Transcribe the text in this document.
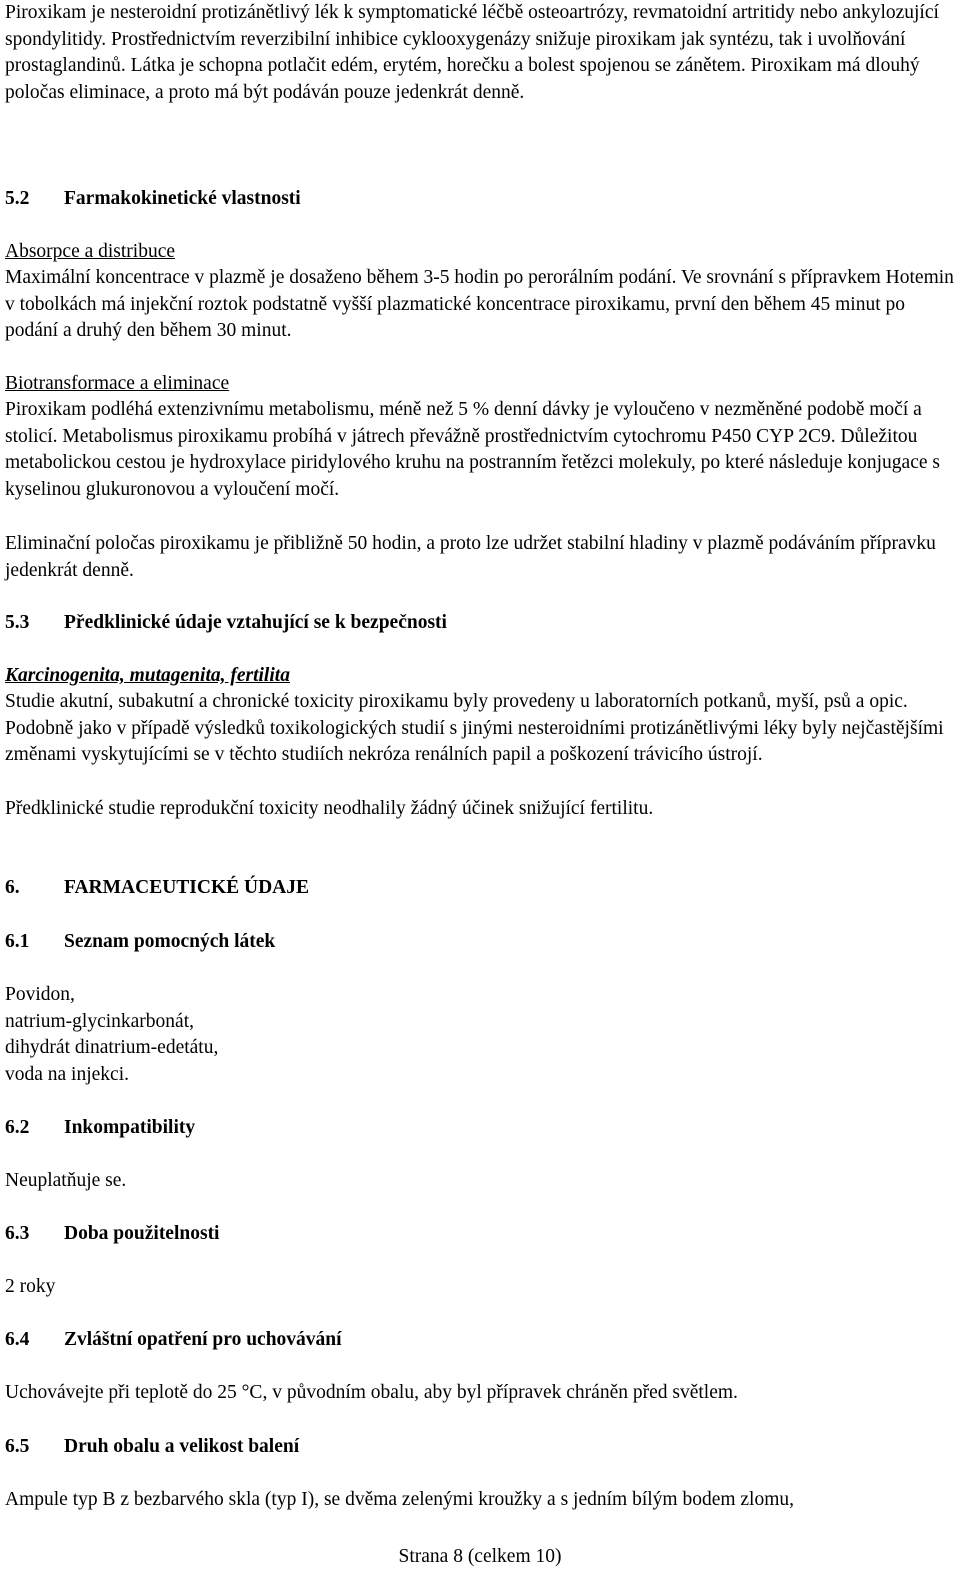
Piroxikam je nesteroidní protizánětlivý lék k symptomatické léčbě osteoartrózy, revmatoidní artritidy nebo ankylozující spondylitidy. Prostřednictvím reverzibilní inhibice cyklooxygenázy snižuje piroxikam jak syntézu, tak i uvolňování prostaglandinů. Látka je schopna potlačit edém, erytém, horečku a bolest spojenou se zánětem. Piroxikam má dlouhý poločas eliminace, a proto má být podáván pouze jedenkrát denně.

5.2 Farmakokinetické vlastnosti

Absorpce a distribuce

Maximální koncentrace v plazmě je dosaženo během 3-5 hodin po perorálním podání. Ve srovnání s přípravkem Hotemin v tobolkách má injekční roztok podstatně vyšší plazmatické koncentrace piroxikamu, první den během 45 minut po podání a druhý den během 30 minut.

Biotransformace a eliminace

Piroxikam podléhá extenzivnímu metabolismu, méně než 5 % denní dávky je vyloučeno v nezměněné podobě močí a stolicí. Metabolismus piroxikamu probíhá v játrech převážně prostřednictvím cytochromu P450 CYP 2C9. Důležitou metabolickou cestou je hydroxylace piridylového kruhu na postranním řetězci molekuly, po které následuje konjugace s kyselinou glukuronovou a vyloučení močí.

Eliminační poločas piroxikamu je přibližně 50 hodin, a proto lze udržet stabilní hladiny v plazmě podáváním přípravku jedenkrát denně.

5.3 Předklinické údaje vztahující se k bezpečnosti

Karcinogenita, mutagenita, fertilita

Studie akutní, subakutní a chronické toxicity piroxikamu byly provedeny u laboratorních potkanů, myší, psů a opic. Podobně jako v případě výsledků toxikologických studií s jinými nesteroidními protizánětlivými léky byly nejčastějšími změnami vyskytujícími se v těchto studiích nekróza renálních papil a poškození trávicího ústrojí.

Předklinické studie reprodukční toxicity neodhalily žádný účinek snižující fertilitu.

6. FARMACEUTICKÉ ÚDAJE
6.1 Seznam pomocných látek

Povidon,

natrium-glycinkarbonát,

dihydrát dinatrium-edetátu,

voda na injekci.

6.2 Inkompatibility

Neuplatňuje se.

6.3 Doba použitelnosti

2 roky

6.4 Zvláštní opatření pro uchovávání

Uchovávejte při teplotě do 25 °C, v původním obalu, aby byl přípravek chráněn před světlem.

6.5 Druh obalu a velikost balení

Ampule typ B z bezbarvého skla (typ I), se dvěma zelenými kroužky a s jedním bílým bodem zlomu,

Strana 8 (celkem 10)
